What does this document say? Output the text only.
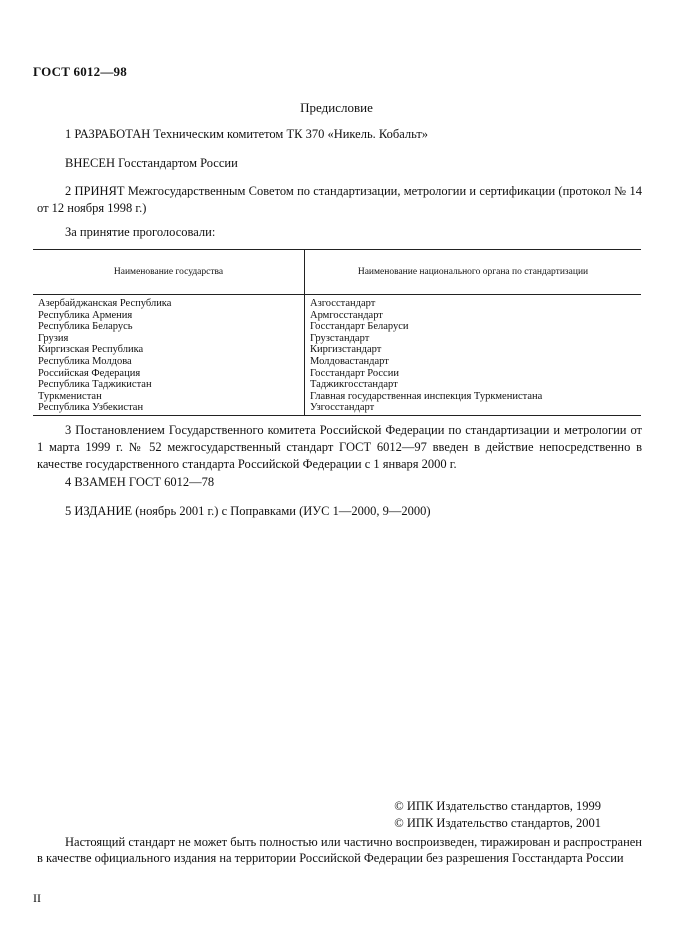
ГОСТ 6012—98
Предисловие
1 РАЗРАБОТАН Техническим комитетом ТК 370 «Никель. Кобальт»
ВНЕСЕН Госстандартом России
2 ПРИНЯТ Межгосударственным Советом по стандартизации, метрологии и сертификации (протокол № 14 от 12 ноября 1998 г.)
За принятие проголосовали:
Наименование государства	Наименование национального органа по стандартизации
Азербайджанская Республика	Азгосстандарт
Республика Армения	Армгосстандарт
Республика Беларусь	Госстандарт Беларуси
Грузия	Грузстандарт
Киргизская Республика	Киргизстандарт
Республика Молдова	Молдовастандарт
Российская Федерация	Госстандарт России
Республика Таджикистан	Таджикгосстандарт
Туркменистан	Главная государственная инспекция Туркменистана
Республика Узбекистан	Узгосстандарт
3 Постановлением Государственного комитета Российской Федерации по стандартизации и метрологии от 1 марта 1999 г. № 52 межгосударственный стандарт ГОСТ 6012—97 введен в действие непосредственно в качестве государственного стандарта Российской Федерации с 1 января 2000 г.
4 ВЗАМЕН ГОСТ 6012—78
5 ИЗДАНИЕ (ноябрь 2001 г.) с Поправками (ИУС 1—2000, 9—2000)
© ИПК Издательство стандартов, 1999
© ИПК Издательство стандартов, 2001
Настоящий стандарт не может быть полностью или частично воспроизведен, тиражирован и распространен в качестве официального издания на территории Российской Федерации без разрешения Госстандарта России
II
